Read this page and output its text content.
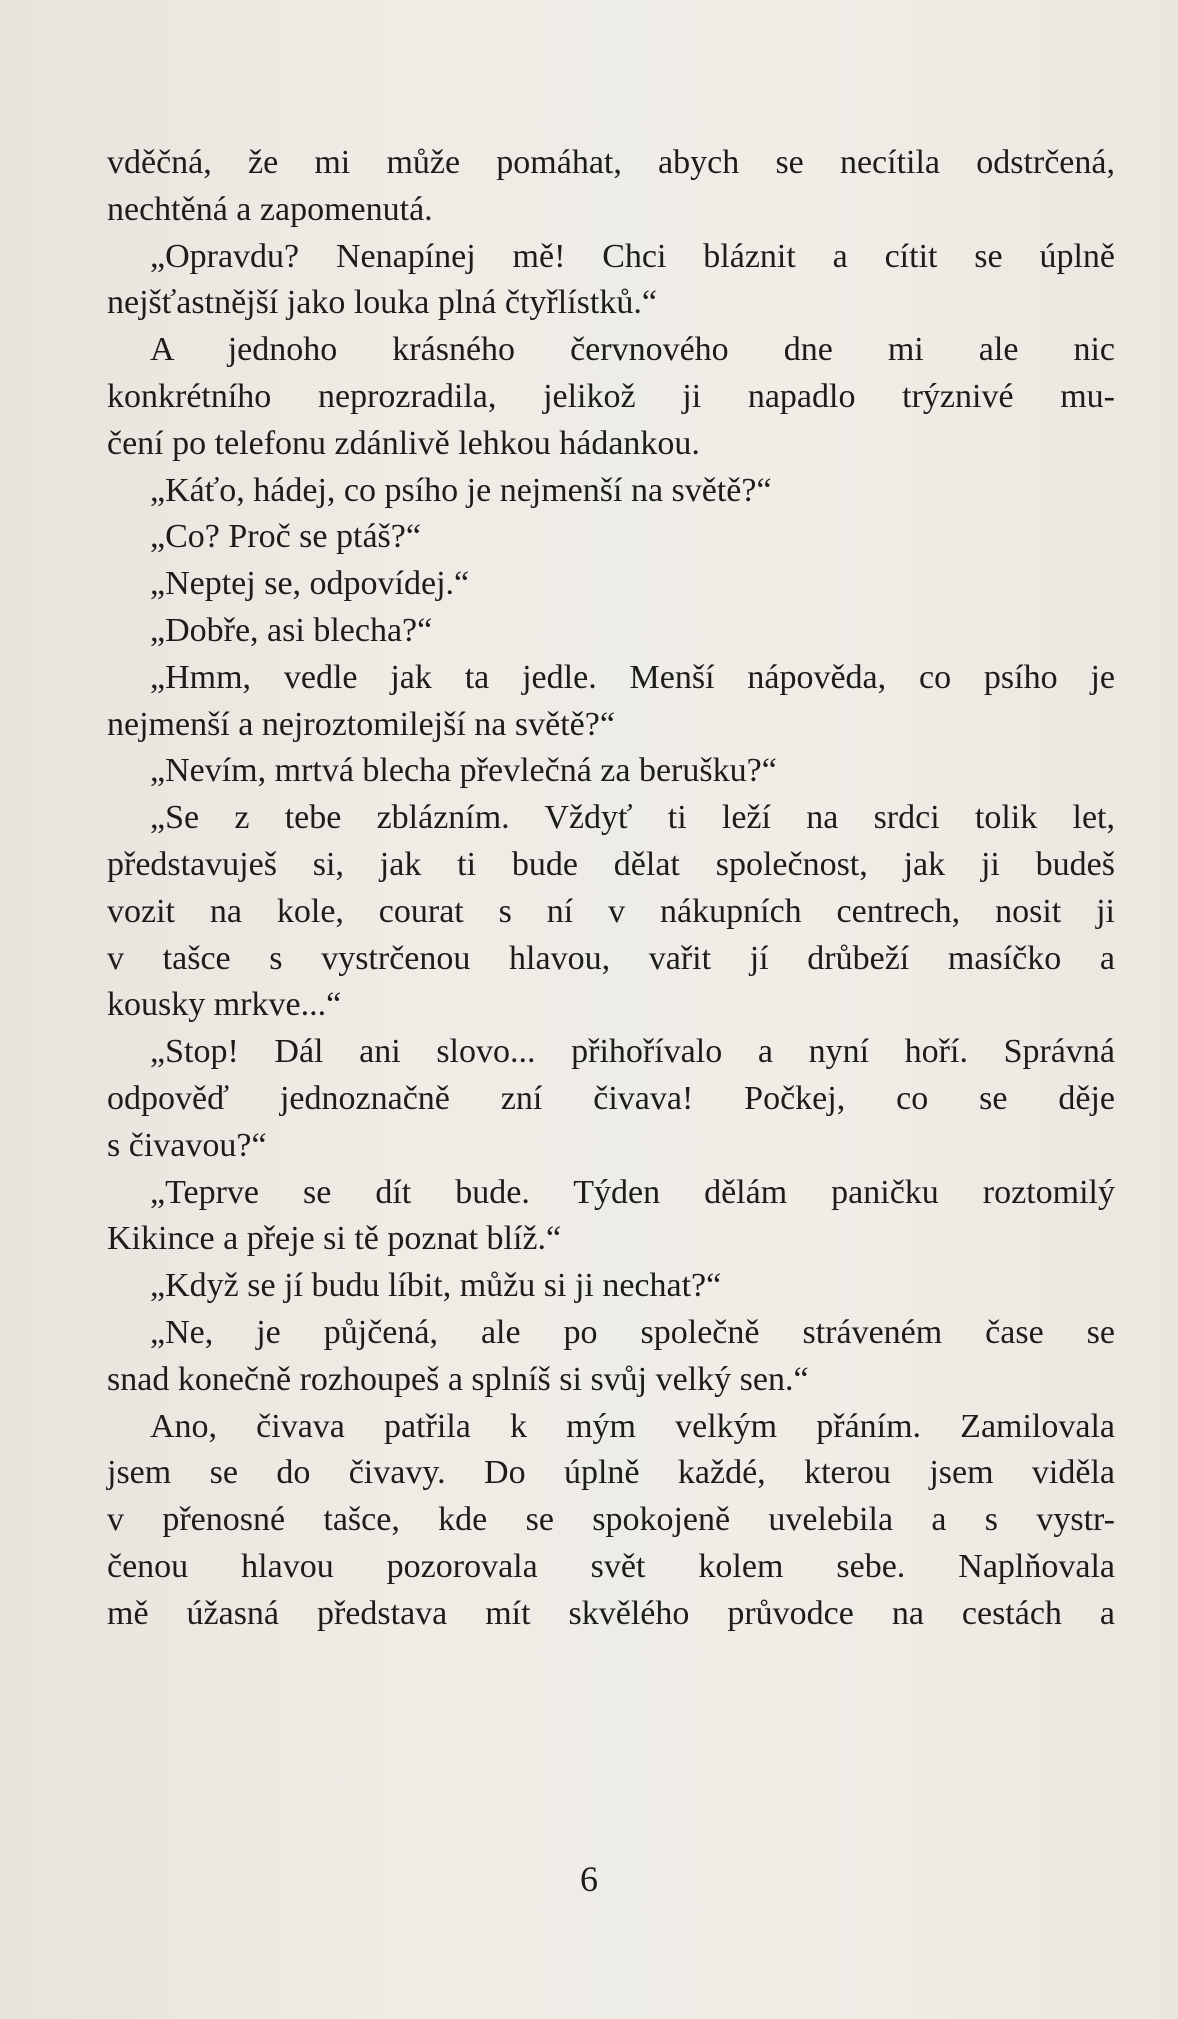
vděčná, že mi může pomáhat, abych se necítila odstrčená,
nechtěná a zapomenutá.
„Opravdu? Nenapínej mě! Chci bláznit a cítit se úplně
nejšťastnější jako louka plná čtyřlístků.“
A jednoho krásného červnového dne mi ale nic
konkrétního neprozradila, jelikož ji napadlo trýznivé mu-
čení po telefonu zdánlivě lehkou hádankou.
„Káťo, hádej, co psího je nejmenší na světě?“
„Co? Proč se ptáš?“
„Neptej se, odpovídej.“
„Dobře, asi blecha?“
„Hmm, vedle jak ta jedle. Menší nápověda, co psího je
nejmenší a nejroztomilejší na světě?“
„Nevím, mrtvá blecha převlečná za berušku?“
„Se z tebe zblázním. Vždyť ti leží na srdci tolik let,
představuješ si, jak ti bude dělat společnost, jak ji budeš
vozit na kole, courat s ní v nákupních centrech, nosit ji
v tašce s vystrčenou hlavou, vařit jí drůbeží masíčko a
kousky mrkve...“
„Stop! Dál ani slovo... přihořívalo a nyní hoří. Správná
odpověď jednoznačně zní čivava! Počkej, co se děje
s čivavou?“
„Teprve se dít bude. Týden dělám paničku roztomilý
Kikince a přeje si tě poznat blíž.“
„Když se jí budu líbit, můžu si ji nechat?“
„Ne, je půjčená, ale po společně stráveném čase se
snad konečně rozhoupeš a splníš si svůj velký sen.“
Ano, čivava patřila k mým velkým přáním. Zamilovala
jsem se do čivavy. Do úplně každé, kterou jsem viděla
v přenosné tašce, kde se spokojeně uvelebila a s vystr-
čenou hlavou pozorovala svět kolem sebe. Naplňovala
mě úžasná představa mít skvělého průvodce na cestách a
6
